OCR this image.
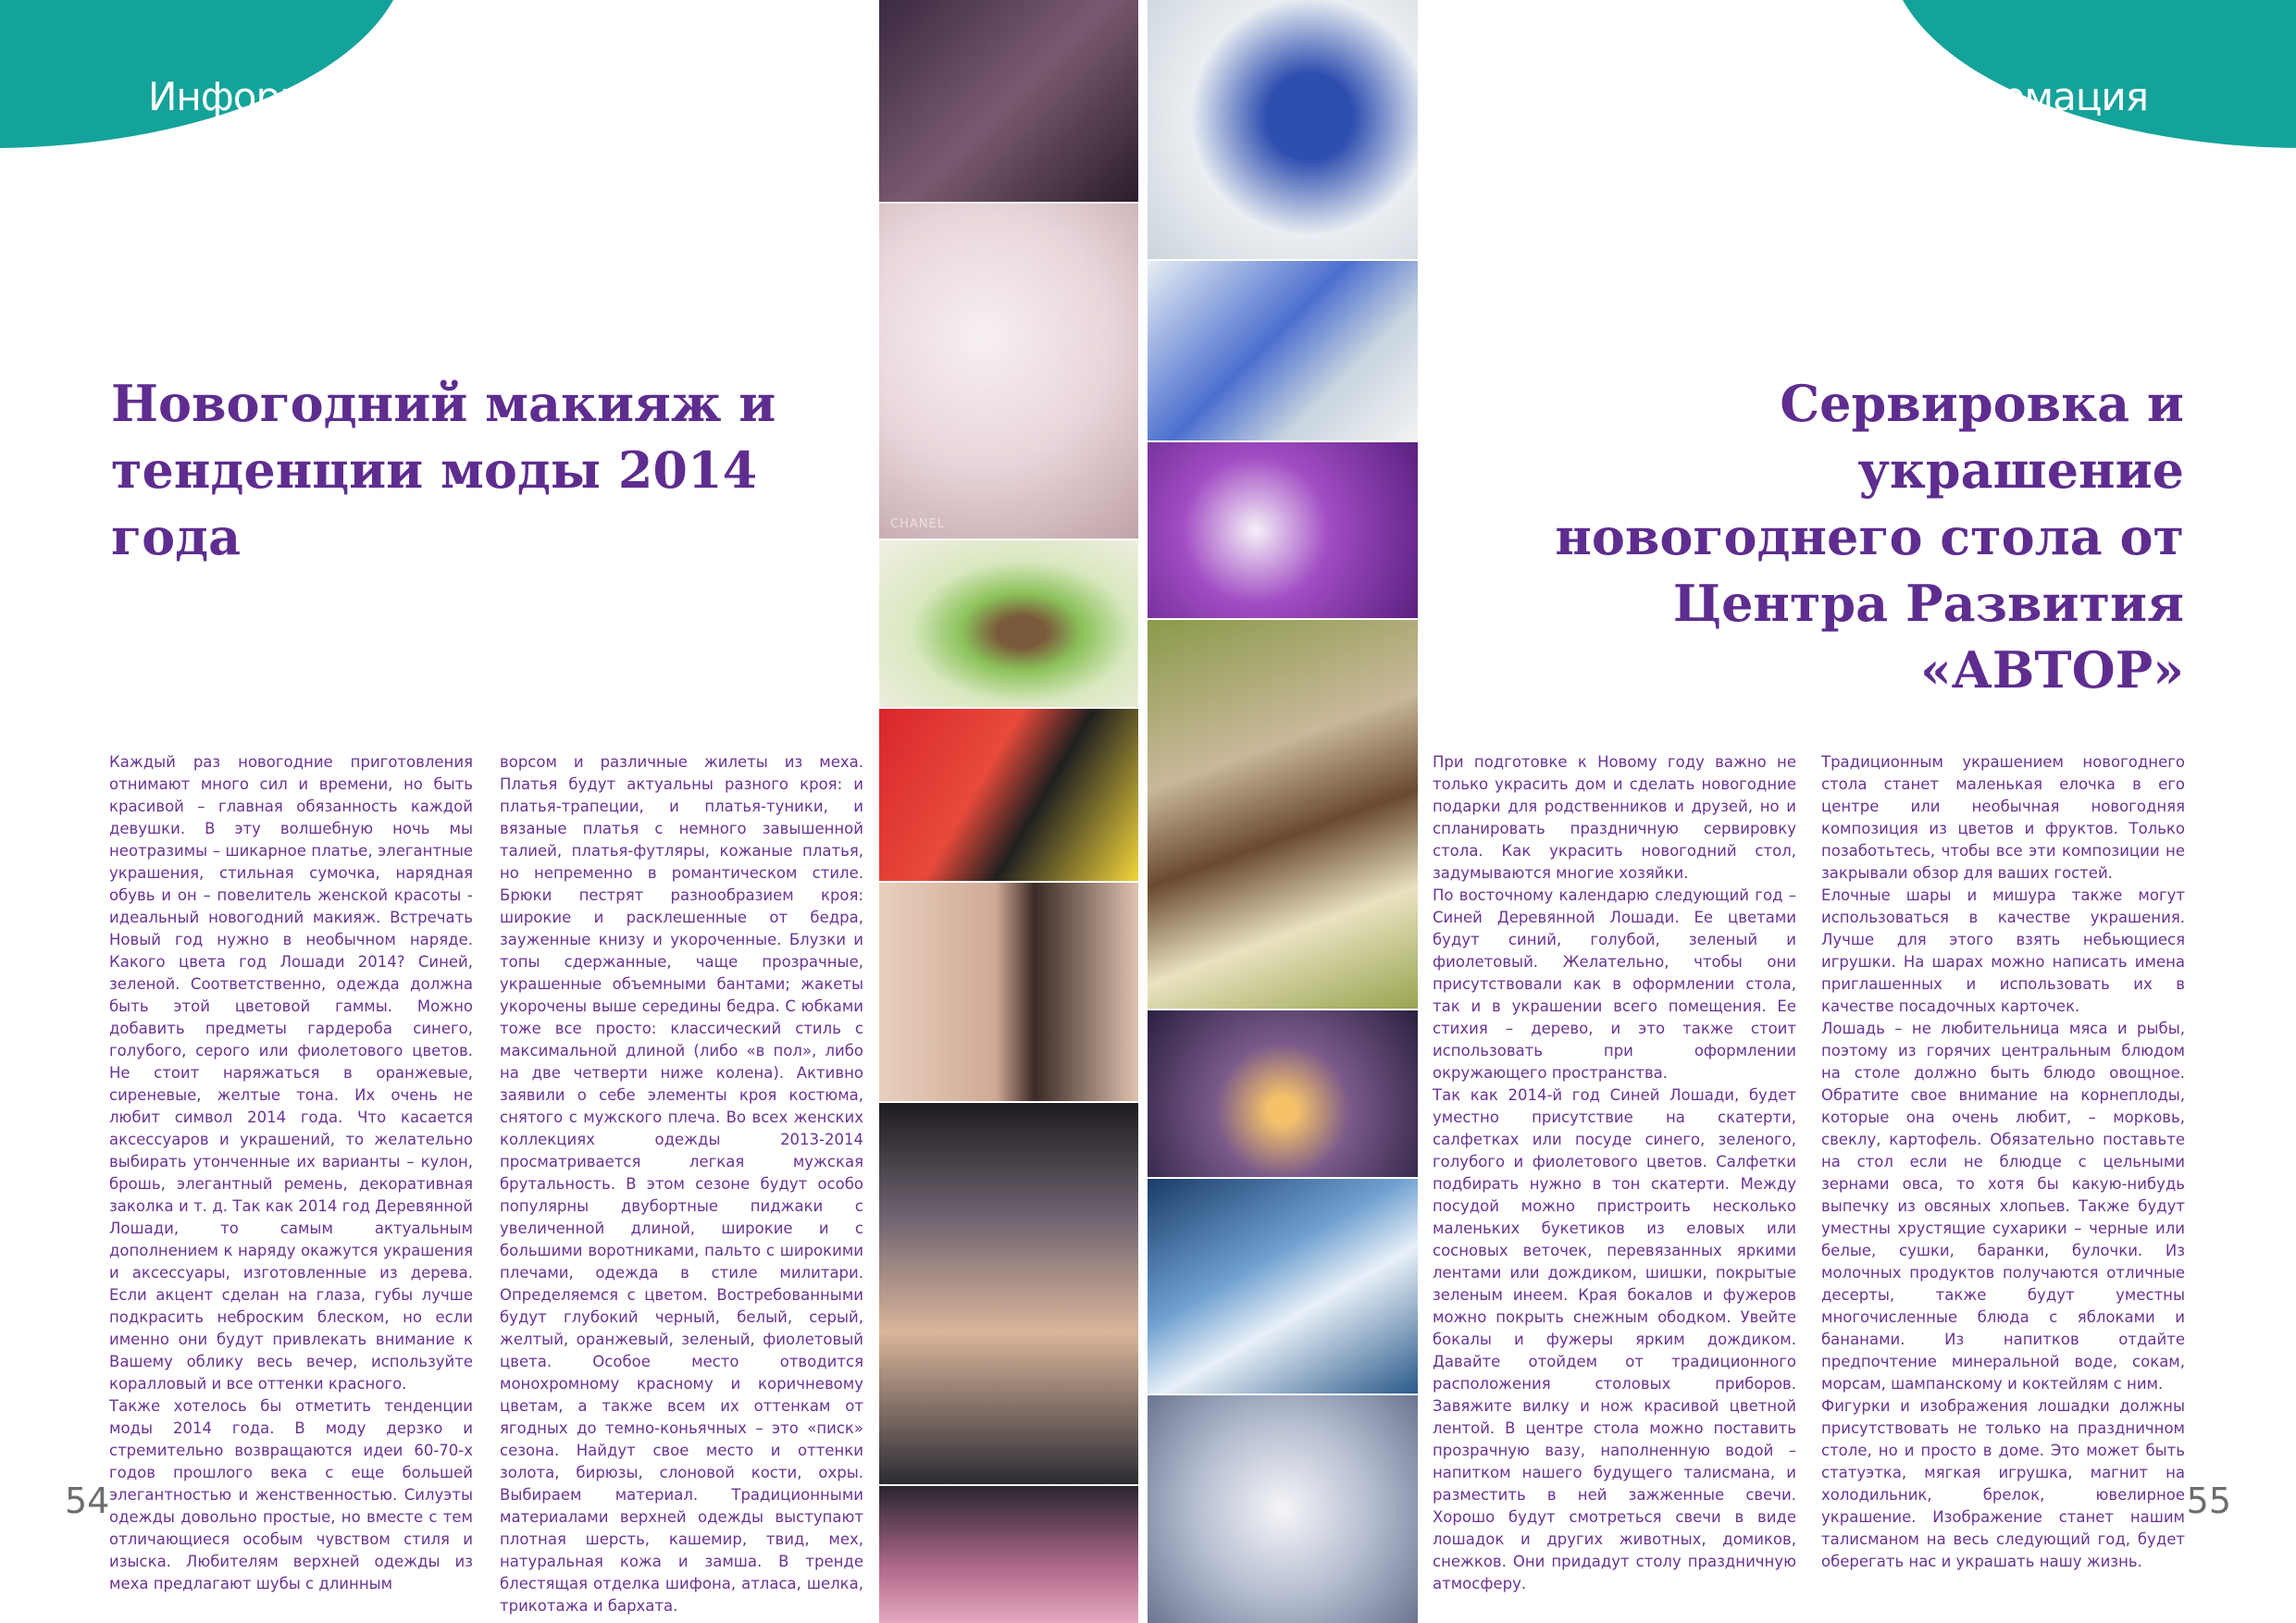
Информация	Информация
Новогодний макияж и
тенденции моды 2014 года
Сервировка и украшение
новогоднего стола от
Центра Развития «АВТОР»

Каждый раз новогодние приготовления отнимают много сил и времени, но быть красивой – главная обязанность каждой девушки. В эту волшебную ночь мы неотразимы – шикарное платье, элегантные украшения, стильная сумочка, нарядная обувь и он – повелитель женской красоты - идеальный новогодний макияж. Встречать Новый год нужно в необычном наряде. Какого цвета год Лошади 2014? Синей, зеленой. Соответственно, одежда должна быть этой цветовой гаммы. Можно добавить предметы гардероба синего, голубого, серого или фиолетового цветов. Не стоит наряжаться в оранжевые, сиреневые, желтые тона. Их очень не любит символ 2014 года. Что касается аксессуаров и украшений, то желательно выбирать утонченные их варианты – кулон, брошь, элегантный ремень, декоративная заколка и т. д. Так как 2014 год Деревянной Лошади, то самым актуальным дополнением к наряду окажутся украшения и аксессуары, изготовленные из дерева. Если акцент сделан на глаза, губы лучше подкрасить неброским блеском, но если именно они будут привлекать внимание к Вашему облику весь вечер, используйте коралловый и все оттенки красного.

Также хотелось бы отметить тенденции моды 2014 года. В моду дерзко и стремительно возвращаются идеи 60-70-х годов прошлого века с еще большей элегантностью и женственностью. Силуэты одежды довольно простые, но вместе с тем отличающиеся особым чувством стиля и изыска. Любителям верхней одежды из меха предлагают шубы с длинным

ворсом и различные жилеты из меха. Платья будут актуальны разного кроя: и платья-трапеции, и платья-туники, и вязаные платья с немного завышенной талией, платья-футляры, кожаные платья, но непременно в романтическом стиле. Брюки пестрят разнообразием кроя: широкие и расклешенные от бедра, зауженные книзу и укороченные. Блузки и топы сдержанные, чаще прозрачные, украшенные объемными бантами; жакеты укорочены выше середины бедра. С юбками тоже все просто: классический стиль с максимальной длиной (либо «в пол», либо на две четверти ниже колена). Активно заявили о себе элементы кроя костюма, снятого с мужского плеча. Во всех женских коллекциях одежды 2013-2014 просматривается легкая мужская брутальность. В этом сезоне будут особо популярны двубортные пиджаки с увеличенной длиной, широкие и с большими воротниками, пальто с широкими плечами, одежда в стиле милитари. Определяемся с цветом. Востребованными будут глубокий черный, белый, серый, желтый, оранжевый, зеленый, фиолетовый цвета. Особое место отводится монохромному красному и коричневому цветам, а также всем их оттенкам от ягодных до темно-коньячных – это «писк» сезона. Найдут свое место и оттенки золота, бирюзы, слоновой кости, охры. Выбираем материал. Традиционными материалами верхней одежды выступают плотная шерсть, кашемир, твид, мех, натуральная кожа и замша. В тренде блестящая отделка шифона, атласа, шелка, трикотажа и бархата.

При подготовке к Новому году важно не только украсить дом и сделать новогодние подарки для родственников и друзей, но и спланировать праздничную сервировку стола. Как украсить новогодний стол, задумываются многие хозяйки.

По восточному календарю следующий год – Синей Деревянной Лошади. Ее цветами будут синий, голубой, зеленый и фиолетовый. Желательно, чтобы они присутствовали как в оформлении стола, так и в украшении всего помещения. Ее стихия – дерево, и это также стоит использовать при оформлении окружающего пространства.

Так как 2014-й год Синей Лошади, будет уместно присутствие на скатерти, салфетках или посуде синего, зеленого, голубого и фиолетового цветов. Салфетки подбирать нужно в тон скатерти. Между посудой можно пристроить несколько маленьких букетиков из еловых или сосновых веточек, перевязанных яркими лентами или дождиком, шишки, покрытые зеленым инеем. Края бокалов и фужеров можно покрыть снежным ободком. Увейте бокалы и фужеры ярким дождиком. Давайте отойдем от традиционного расположения столовых приборов. Завяжите вилку и нож красивой цветной лентой. В центре стола можно поставить прозрачную вазу, наполненную водой – напитком нашего будущего талисмана, и разместить в ней зажженные свечи. Хорошо будут смотреться свечи в виде лошадок и других животных, домиков, снежков. Они придадут столу праздничную атмосферу.

Традиционным украшением новогоднего стола станет маленькая елочка в его центре или необычная новогодняя композиция из цветов и фруктов. Только позаботьтесь, чтобы все эти композиции не закрывали обзор для ваших гостей.

Елочные шары и мишура также могут использоваться в качестве украшения. Лучше для этого взять небьющиеся игрушки. На шарах можно написать имена приглашенных и использовать их в качестве посадочных карточек.

Лошадь – не любительница мяса и рыбы, поэтому из горячих центральным блюдом на столе должно быть блюдо овощное. Обратите свое внимание на корнеплоды, которые она очень любит, – морковь, свеклу, картофель. Обязательно поставьте на стол если не блюдце с цельными зернами овса, то хотя бы какую-нибудь выпечку из овсяных хлопьев. Также будут уместны хрустящие сухарики – черные или белые, сушки, баранки, булочки. Из молочных продуктов получаются отличные десерты, также будут уместны многочисленные блюда с яблоками и бананами. Из напитков отдайте предпочтение минеральной воде, сокам, морсам, шампанскому и коктейлям с ним.

Фигурки и изображения лошадки должны присутствовать не только на праздничном столе, но и просто в доме. Это может быть статуэтка, мягкая игрушка, магнит на холодильник, брелок, ювелирное украшение. Изображение станет нашим талисманом на весь следующий год, будет оберегать нас и украшать нашу жизнь.

CHANEL
54	55
